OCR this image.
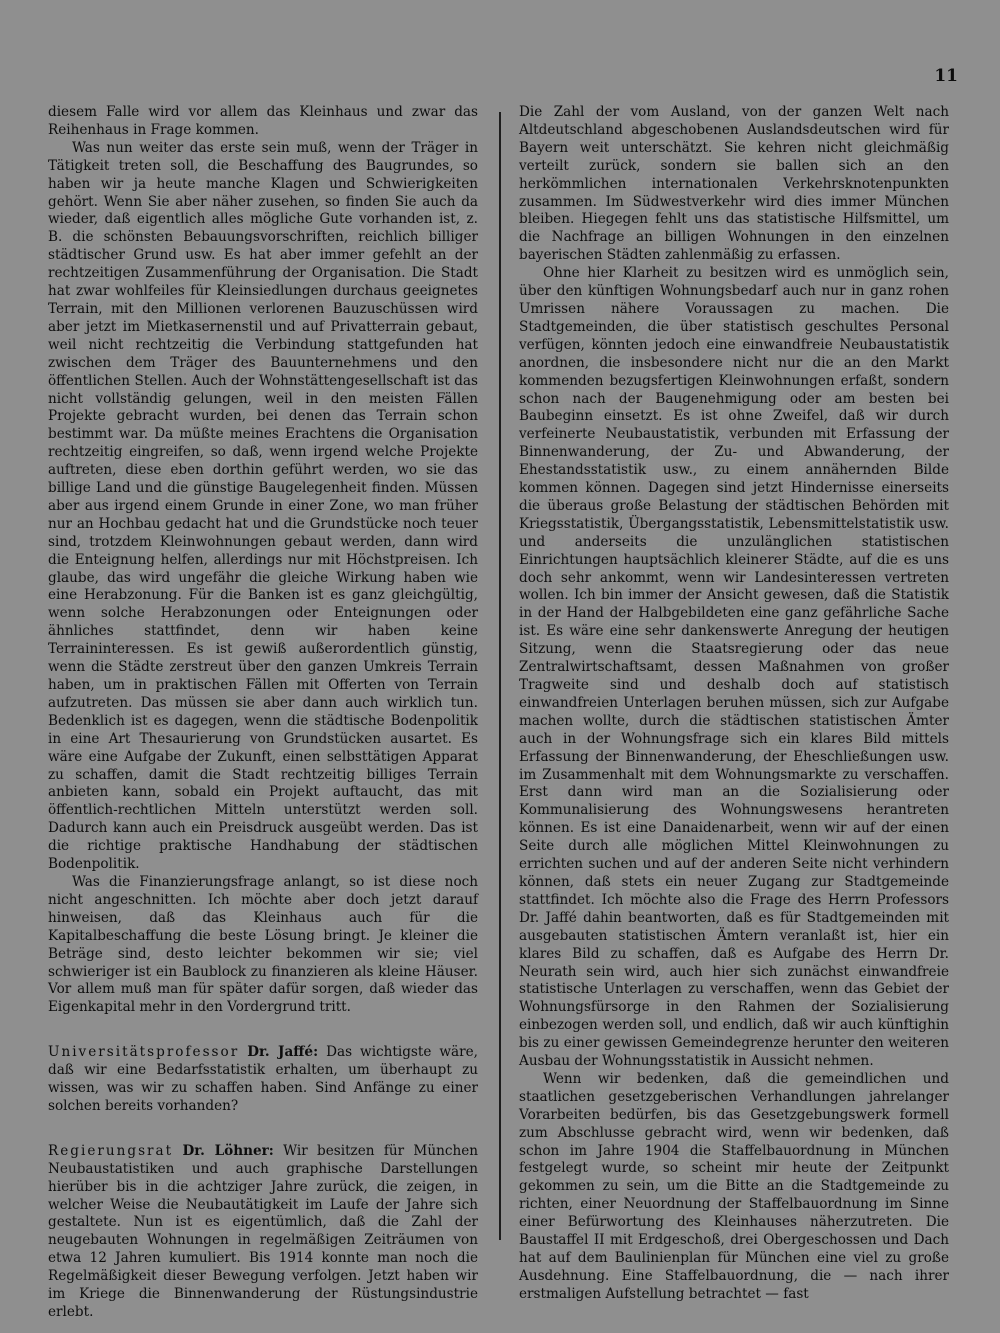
11

diesem Falle wird vor allem das Kleinhaus und zwar das Reihenhaus in Frage kommen.

Was nun weiter das erste sein muß, wenn der Träger in Tätigkeit treten soll, die Beschaffung des Baugrundes, so haben wir ja heute manche Klagen und Schwierigkeiten gehört. Wenn Sie aber näher zusehen, so finden Sie auch da wieder, daß eigentlich alles mögliche Gute vorhanden ist, z. B. die schönsten Bebauungsvorschriften, reichlich billiger städtischer Grund usw. Es hat aber immer gefehlt an der rechtzeitigen Zusammenführung der Organisation. Die Stadt hat zwar wohlfeiles für Kleinsiedlungen durchaus geeignetes Terrain, mit den Millionen verlorenen Bauzuschüssen wird aber jetzt im Mietkasernenstil und auf Privatterrain gebaut, weil nicht rechtzeitig die Verbindung stattgefunden hat zwischen dem Träger des Bauunternehmens und den öffentlichen Stellen. Auch der Wohnstättengesellschaft ist das nicht vollständig gelungen, weil in den meisten Fällen Projekte gebracht wurden, bei denen das Terrain schon bestimmt war. Da müßte meines Erachtens die Organisation rechtzeitig eingreifen, so daß, wenn irgend welche Projekte auftreten, diese eben dorthin geführt werden, wo sie das billige Land und die günstige Baugelegenheit finden. Müssen aber aus irgend einem Grunde in einer Zone, wo man früher nur an Hochbau gedacht hat und die Grundstücke noch teuer sind, trotzdem Kleinwohnungen gebaut werden, dann wird die Enteignung helfen, allerdings nur mit Höchstpreisen. Ich glaube, das wird ungefähr die gleiche Wirkung haben wie eine Herabzonung. Für die Banken ist es ganz gleichgültig, wenn solche Herabzonungen oder Enteignungen oder ähnliches stattfindet, denn wir haben keine Terraininteressen. Es ist gewiß außerordentlich günstig, wenn die Städte zerstreut über den ganzen Umkreis Terrain haben, um in praktischen Fällen mit Offerten von Terrain aufzutreten. Das müssen sie aber dann auch wirklich tun. Bedenklich ist es dagegen, wenn die städtische Bodenpolitik in eine Art Thesaurierung von Grundstücken ausartet. Es wäre eine Aufgabe der Zukunft, einen selbsttätigen Apparat zu schaffen, damit die Stadt rechtzeitig billiges Terrain anbieten kann, sobald ein Projekt auftaucht, das mit öffentlich-rechtlichen Mitteln unterstützt werden soll. Dadurch kann auch ein Preisdruck ausgeübt werden. Das ist die richtige praktische Handhabung der städtischen Bodenpolitik.

Was die Finanzierungsfrage anlangt, so ist diese noch nicht angeschnitten. Ich möchte aber doch jetzt darauf hinweisen, daß das Kleinhaus auch für die Kapitalbeschaffung die beste Lösung bringt. Je kleiner die Beträge sind, desto leichter bekommen wir sie; viel schwieriger ist ein Baublock zu finanzieren als kleine Häuser. Vor allem muß man für später dafür sorgen, daß wieder das Eigenkapital mehr in den Vordergrund tritt.

Universitätsprofessor Dr. Jaffé: Das wichtigste wäre, daß wir eine Bedarfsstatistik erhalten, um überhaupt zu wissen, was wir zu schaffen haben. Sind Anfänge zu einer solchen bereits vorhanden?

Regierungsrat Dr. Löhner: Wir besitzen für München Neubaustatistiken und auch graphische Darstellungen hierüber bis in die achtziger Jahre zurück, die zeigen, in welcher Weise die Neubautätigkeit im Laufe der Jahre sich gestaltete. Nun ist es eigentümlich, daß die Zahl der neugebauten Wohnungen in regelmäßigen Zeiträumen von etwa 12 Jahren kumuliert. Bis 1914 konnte man noch die Regelmäßigkeit dieser Bewegung verfolgen. Jetzt haben wir im Kriege die Binnenwanderung der Rüstungsindustrie erlebt.

Die Zahl der vom Ausland, von der ganzen Welt nach Altdeutschland abgeschobenen Auslandsdeutschen wird für Bayern weit unterschätzt. Sie kehren nicht gleichmäßig verteilt zurück, sondern sie ballen sich an den herkömmlichen internationalen Verkehrsknotenpunkten zusammen. Im Südwestverkehr wird dies immer München bleiben. Hiegegen fehlt uns das statistische Hilfsmittel, um die Nachfrage an billigen Wohnungen in den einzelnen bayerischen Städten zahlenmäßig zu erfassen.

Ohne hier Klarheit zu besitzen wird es unmöglich sein, über den künftigen Wohnungsbedarf auch nur in ganz rohen Umrissen nähere Voraussagen zu machen. Die Stadtgemeinden, die über statistisch geschultes Personal verfügen, könnten jedoch eine einwandfreie Neubaustatistik anordnen, die insbesondere nicht nur die an den Markt kommenden bezugsfertigen Kleinwohnungen erfaßt, sondern schon nach der Baugenehmigung oder am besten bei Baubeginn einsetzt. Es ist ohne Zweifel, daß wir durch verfeinerte Neubaustatistik, verbunden mit Erfassung der Binnenwanderung, der Zu- und Abwanderung, der Ehestandsstatistik usw., zu einem annähernden Bilde kommen können. Dagegen sind jetzt Hindernisse einerseits die überaus große Belastung der städtischen Behörden mit Kriegsstatistik, Übergangsstatistik, Lebensmittelstatistik usw. und anderseits die unzulänglichen statistischen Einrichtungen hauptsächlich kleinerer Städte, auf die es uns doch sehr ankommt, wenn wir Landesinteressen vertreten wollen. Ich bin immer der Ansicht gewesen, daß die Statistik in der Hand der Halbgebildeten eine ganz gefährliche Sache ist. Es wäre eine sehr dankenswerte Anregung der heutigen Sitzung, wenn die Staatsregierung oder das neue Zentralwirtschaftsamt, dessen Maßnahmen von großer Tragweite sind und deshalb doch auf statistisch einwandfreien Unterlagen beruhen müssen, sich zur Aufgabe machen wollte, durch die städtischen statistischen Ämter auch in der Wohnungsfrage sich ein klares Bild mittels Erfassung der Binnenwanderung, der Eheschließungen usw. im Zusammenhalt mit dem Wohnungsmarkte zu verschaffen. Erst dann wird man an die Sozialisierung oder Kommunalisierung des Wohnungswesens herantreten können. Es ist eine Danaidenarbeit, wenn wir auf der einen Seite durch alle möglichen Mittel Kleinwohnungen zu errichten suchen und auf der anderen Seite nicht verhindern können, daß stets ein neuer Zugang zur Stadtgemeinde stattfindet. Ich möchte also die Frage des Herrn Professors Dr. Jaffé dahin beantworten, daß es für Stadtgemeinden mit ausgebauten statistischen Ämtern veranlaßt ist, hier ein klares Bild zu schaffen, daß es Aufgabe des Herrn Dr. Neurath sein wird, auch hier sich zunächst einwandfreie statistische Unterlagen zu verschaffen, wenn das Gebiet der Wohnungsfürsorge in den Rahmen der Sozialisierung einbezogen werden soll, und endlich, daß wir auch künftighin bis zu einer gewissen Gemeindegrenze herunter den weiteren Ausbau der Wohnungsstatistik in Aussicht nehmen.

Wenn wir bedenken, daß die gemeindlichen und staatlichen gesetzgeberischen Verhandlungen jahrelanger Vorarbeiten bedürfen, bis das Gesetzgebungswerk formell zum Abschlusse gebracht wird, wenn wir bedenken, daß schon im Jahre 1904 die Staffelbauordnung in München festgelegt wurde, so scheint mir heute der Zeitpunkt gekommen zu sein, um die Bitte an die Stadtgemeinde zu richten, einer Neuordnung der Staffelbauordnung im Sinne einer Befürwortung des Kleinhauses näherzutreten. Die Baustaffel II mit Erdgeschoß, drei Obergeschossen und Dach hat auf dem Baulinienplan für München eine viel zu große Ausdehnung. Eine Staffelbauordnung, die — nach ihrer erstmaligen Aufstellung betrachtet — fast
